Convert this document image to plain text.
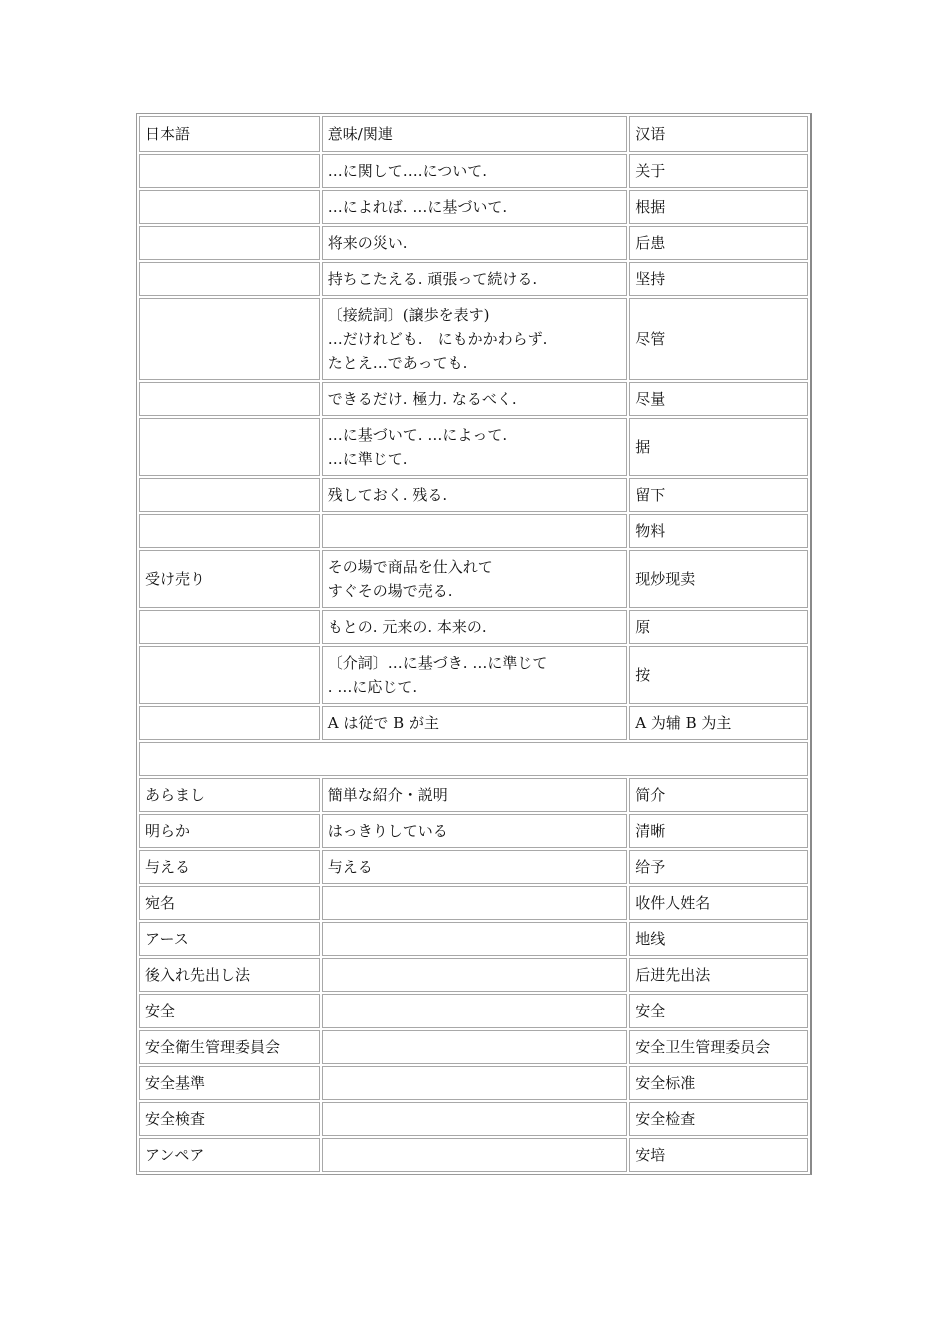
日本語	意味/関連	汉语

	…に関して….について.	关于

	…によれば. …に基づいて.	根据

	将来の災い.	后患

	持ちこたえる. 頑張って続ける.	坚持

	〔接続詞〕(譲歩を表す)
…だけれども.　にもかかわらず.
たとえ…であっても.	尽管

	できるだけ. 極力. なるべく.	尽量

	…に基づいて. …によって.
…に準じて.	据

	残しておく. 残る.	留下

	物料
受け売り	その場で商品を仕入れて
すぐその場で売る.	现炒现卖

	もとの. 元来の. 本来の.	原

	〔介詞〕…に基づき. …に準じて
. …に応じて.	按

	A は従で B が主	A 为辅 B 为主

あらまし	簡単な紹介・説明	简介
明らか	はっきりしている	清晰
与える	与える	给予
宛名		收件人姓名
アース		地线
後入れ先出し法		后进先出法
安全		安全
安全衛生管理委員会		安全卫生管理委员会
安全基準		安全标准
安全検査		安全检查
アンペア		安培
